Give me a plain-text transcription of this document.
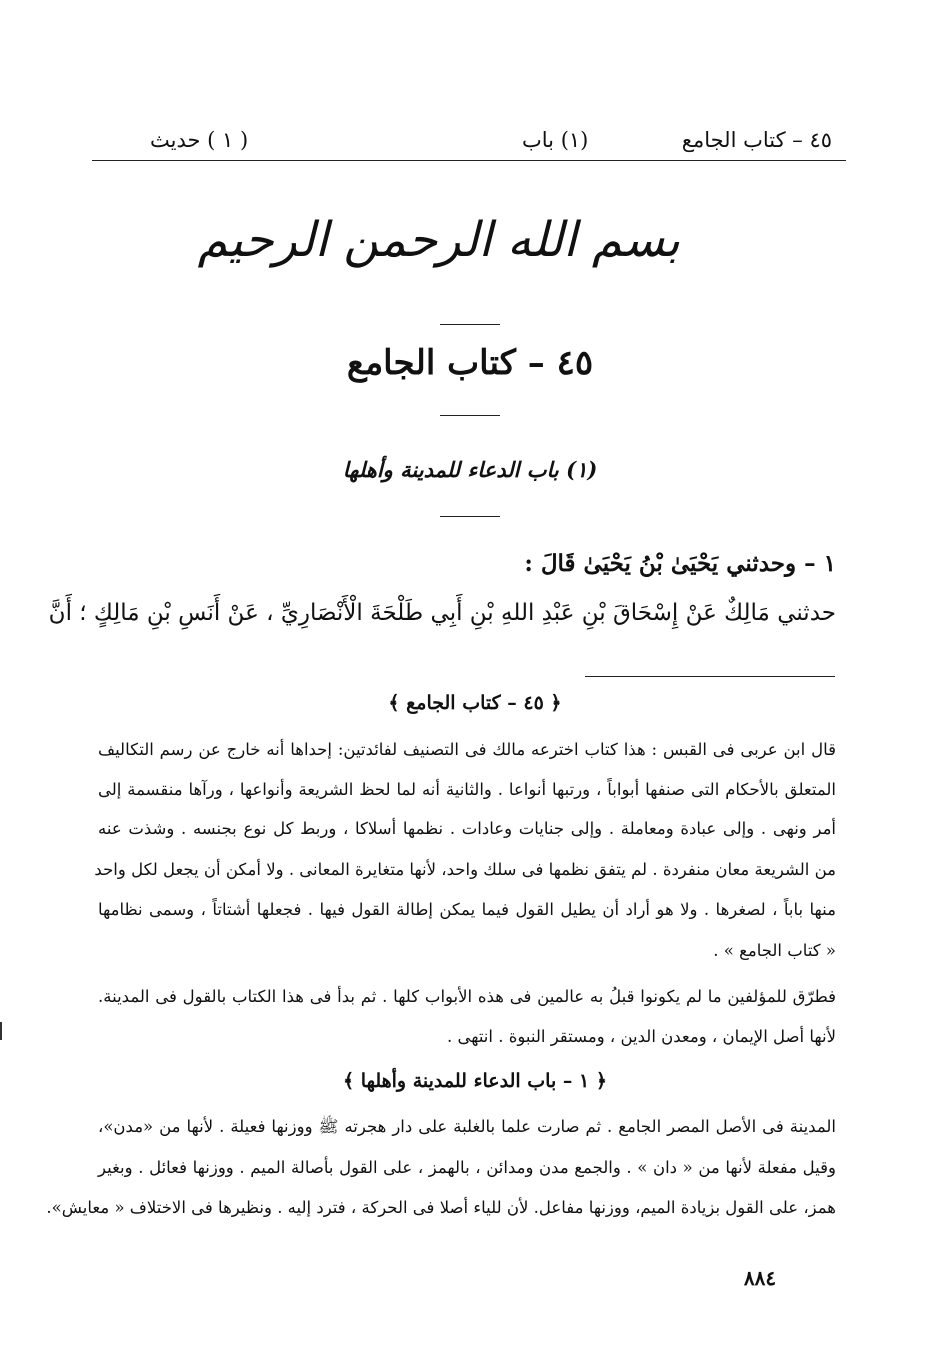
٤٥ – كتاب الجامع
(١) باب
( ١ ) حديث
بسم الله الرحمن الرحيم
٤٥ – كتاب الجامع
(١) باب الدعاء للمدينة وأهلها
١ – وحدثني يَحْيَىٰ بْنُ يَحْيَىٰ قَالَ :
حدثني مَالِكٌ عَنْ إِسْحَاقَ بْنِ عَبْدِ اللهِ بْنِ أَبِي طَلْحَةَ الْأَنْصَارِيِّ ، عَنْ أَنَسِ بْنِ مَالِكٍ ؛ أَنَّ
﴿ ٤٥ – كتاب الجامع ﴾
قال ابن عربى فى القبس : هذا كتاب اخترعه مالك فى التصنيف لفائدتين: إحداها أنه خارج عن رسم التكاليف
المتعلق بالأحكام التى صنفها أبواباً ، ورتبها أنواعا . والثانية أنه لما لحظ الشريعة وأنواعها ، ورآها منقسمة إلى
أمر ونهى . وإلى عبادة ومعاملة . وإلى جنايات وعادات . نظمها أسلاكا ، وربط كل نوع بجنسه . وشذت عنه
من الشريعة معان منفردة . لم يتفق نظمها فى سلك واحد، لأنها متغايرة المعانى . ولا أمكن أن يجعل لكل واحد
منها باباً ، لصغرها . ولا هو أراد أن يطيل القول فيما يمكن إطالة القول فيها . فجعلها أشتاتاً ، وسمى نظامها
« كتاب الجامع » .
فطرّق للمؤلفين ما لم يكونوا قبلُ به عالمين فى هذه الأبواب كلها . ثم بدأ فى هذا الكتاب بالقول فى المدينة.
لأنها أصل الإيمان ، ومعدن الدين ، ومستقر النبوة . انتهى .
﴿ ١ – باب الدعاء للمدينة وأهلها ﴾
المدينة فى الأصل المصر الجامع . ثم صارت علما بالغلبة على دار هجرته ﷺ ووزنها فعيلة . لأنها من «مدن»،
وقيل مفعلة لأنها من « دان » . والجمع مدن ومدائن ، بالهمز ، على القول بأصالة الميم . ووزنها فعائل . وبغير
همز، على القول بزيادة الميم، ووزنها مفاعل. لأن للياء أصلا فى الحركة ، فترد إليه . ونظيرها فى الاختلاف « معايش».
٨٨٤
